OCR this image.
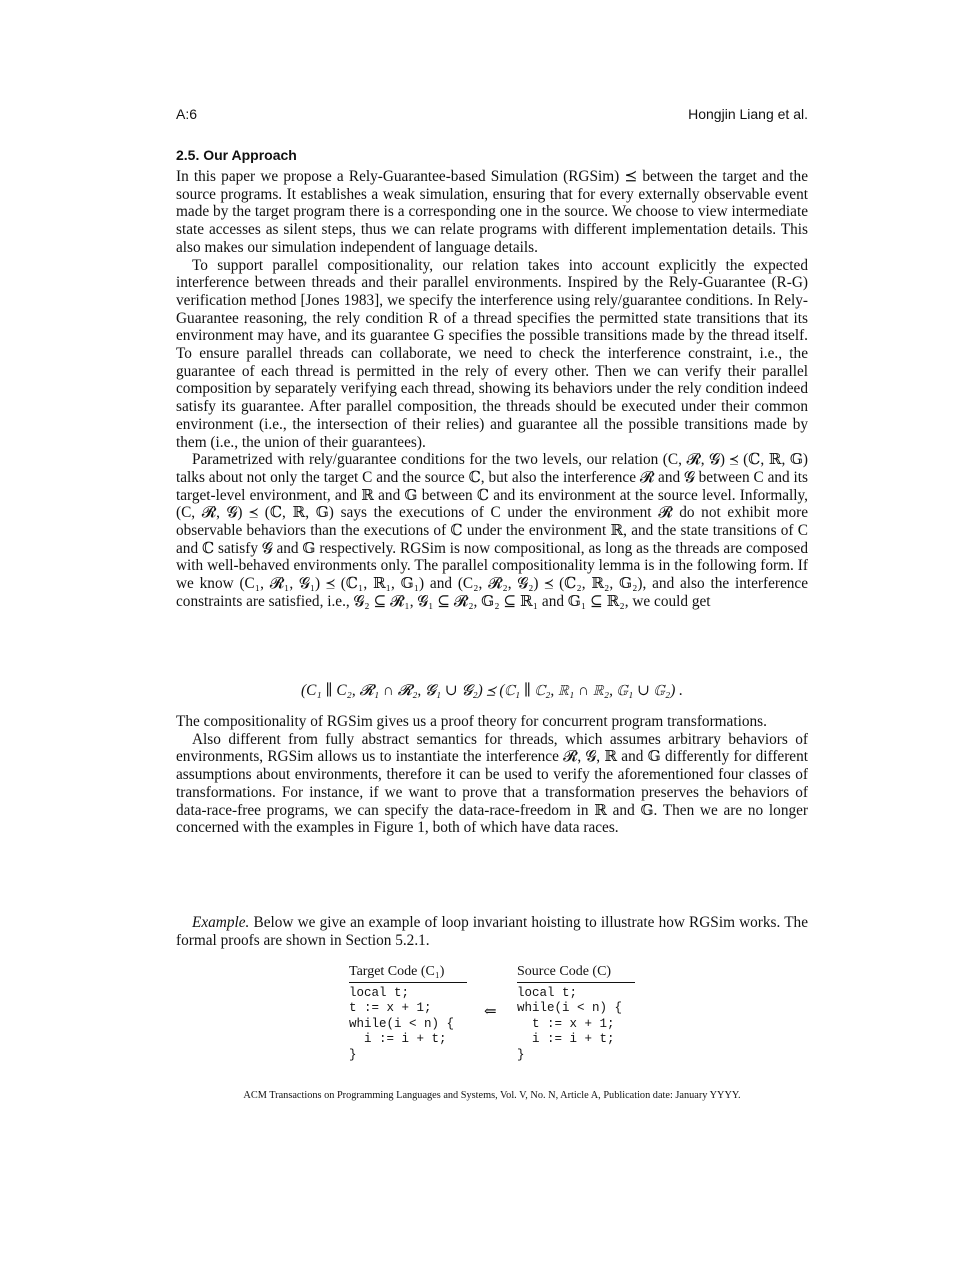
A:6	Hongjin Liang et al.
2.5. Our Approach

In this paper we propose a Rely-Guarantee-based Simulation (RGSim) ⪯ between the target and the source programs. It establishes a weak simulation, ensuring that for every externally observable event made by the target program there is a corresponding one in the source. We choose to view intermediate state accesses as silent steps, thus we can relate programs with different implementation details. This also makes our simulation independent of language details.

To support parallel compositionality, our relation takes into account explicitly the expected interference between threads and their parallel environments. Inspired by the Rely-Guarantee (R-G) verification method [Jones 1983], we specify the interference using rely/guarantee conditions. In Rely-Guarantee reasoning, the rely condition R of a thread specifies the permitted state transitions that its environment may have, and its guarantee G specifies the possible transitions made by the thread itself. To ensure parallel threads can collaborate, we need to check the interference constraint, i.e., the guarantee of each thread is permitted in the rely of every other. Then we can verify their parallel composition by separately verifying each thread, showing its behaviors under the rely condition indeed satisfy its guarantee. After parallel composition, the threads should be executed under their common environment (i.e., the intersection of their relies) and guarantee all the possible transitions made by them (i.e., the union of their guarantees).

Parametrized with rely/guarantee conditions for the two levels, our relation (C, 𝓡, 𝓖) ⪯ (ℂ, ℝ, 𝔾) talks about not only the target C and the source ℂ, but also the interference 𝓡 and 𝓖 between C and its target-level environment, and ℝ and 𝔾 between ℂ and its environment at the source level. Informally, (C, 𝓡, 𝓖) ⪯ (ℂ, ℝ, 𝔾) says the executions of C under the environment 𝓡 do not exhibit more observable behaviors than the executions of ℂ under the environment ℝ, and the state transitions of C and ℂ satisfy 𝓖 and 𝔾 respectively. RGSim is now compositional, as long as the threads are composed with well-behaved environments only. The parallel compositionality lemma is in the following form. If we know (C₁, 𝓡₁, 𝓖₁) ⪯ (ℂ₁, ℝ₁, 𝔾₁) and (C₂, 𝓡₂, 𝓖₂) ⪯ (ℂ₂, ℝ₂, 𝔾₂), and also the interference constraints are satisfied, i.e., 𝓖₂ ⊆ 𝓡₁, 𝓖₁ ⊆ 𝓡₂, 𝔾₂ ⊆ ℝ₁ and 𝔾₁ ⊆ ℝ₂, we could get

(C₁ ∥ C₂, 𝓡₁ ∩ 𝓡₂, 𝓖₁ ∪ 𝓖₂) ⪯ (ℂ₁ ∥ ℂ₂, ℝ₁ ∩ ℝ₂, 𝔾₁ ∪ 𝔾₂) .

The compositionality of RGSim gives us a proof theory for concurrent program transformations.

Also different from fully abstract semantics for threads, which assumes arbitrary behaviors of environments, RGSim allows us to instantiate the interference 𝓡, 𝓖, ℝ and 𝔾 differently for different assumptions about environments, therefore it can be used to verify the aforementioned four classes of transformations. For instance, if we want to prove that a transformation preserves the behaviors of data-race-free programs, we can specify the data-race-freedom in ℝ and 𝔾. Then we are no longer concerned with the examples in Figure 1, both of which have data races.

Example. Below we give an example of loop invariant hoisting to illustrate how RGSim works. The formal proofs are shown in Section 5.2.1.

Target Code (C₁)
local t;
t := x + 1;
while(i < n) {
i := i + t;
}
⇐
Source Code (C)
local t;
while(i < n) {
t := x + 1;
i := i + t;
}
ACM Transactions on Programming Languages and Systems, Vol. V, No. N, Article A, Publication date: January YYYY.
